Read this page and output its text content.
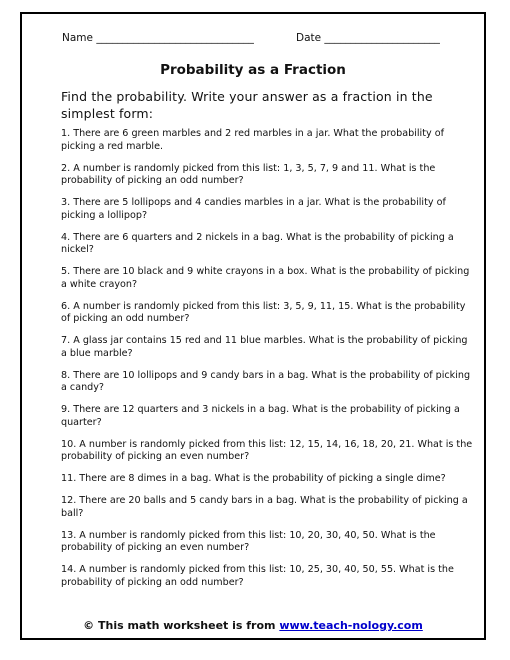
Name ______________________________	Date ______________________
Probability as a Fraction
Find the probability. Write your answer as a fraction in the simplest form:
1. There are 6 green marbles and 2 red marbles in a jar. What the probability of picking a red marble.
2. A number is randomly picked from this list: 1, 3, 5, 7, 9 and 11. What is the probability of picking an odd number?
3. There are 5 lollipops and 4 candies marbles in a jar. What is the probability of picking a lollipop?
4. There are 6 quarters and 2 nickels in a bag. What is the probability of picking a nickel?
5. There are 10 black and 9 white crayons in a box. What is the probability of picking a white crayon?
6. A number is randomly picked from this list: 3, 5, 9, 11, 15. What is the probability of picking an odd number?
7. A glass jar contains 15 red and 11 blue marbles. What is the probability of picking a blue marble?
8. There are 10 lollipops and 9 candy bars in a bag. What is the probability of picking a candy?
9. There are 12 quarters and 3 nickels in a bag. What is the probability of picking a quarter?
10. A number is randomly picked from this list: 12, 15, 14, 16, 18, 20, 21. What is the probability of picking an even number?
11. There are 8 dimes in a bag. What is the probability of picking a single dime?
12. There are 20 balls and 5 candy bars in a bag. What is the probability of picking a ball?
13. A number is randomly picked from this list: 10, 20, 30, 40, 50. What is the probability of picking an even number?
14. A number is randomly picked from this list: 10, 25, 30, 40, 50, 55. What is the probability of picking an odd number?
© This math worksheet is from www.teach-nology.com
